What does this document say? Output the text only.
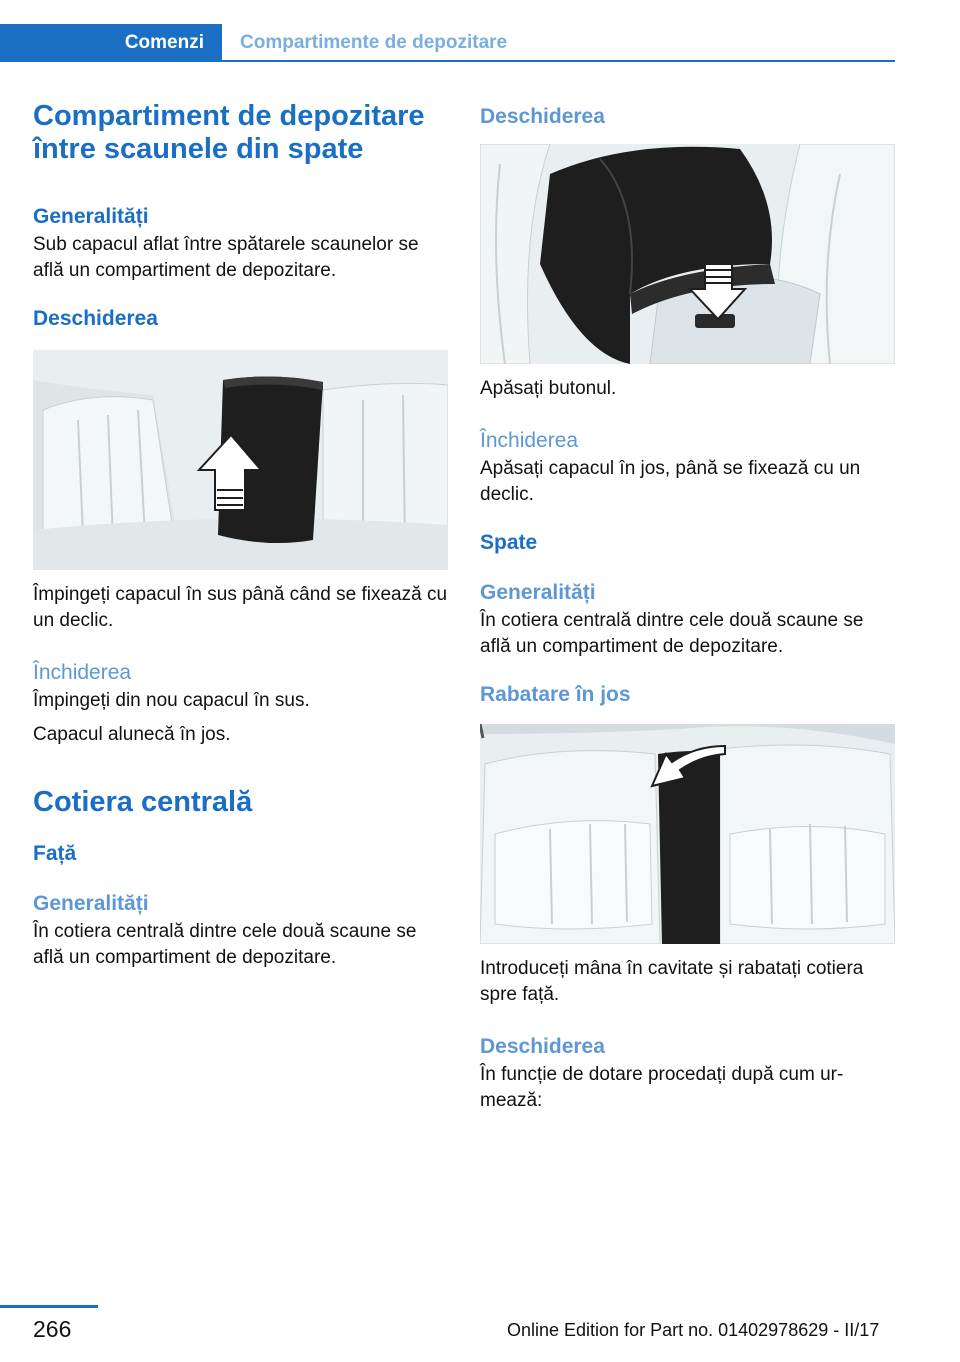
Comenzi	Compartimente de depozitare
Compartiment de depozitare între scaunele din spate
Generalități

Sub capacul aflat între spătarele scaunelor se află un compartiment de depozitare.

Deschiderea

Împingeți capacul în sus până când se fixează cu un declic.

Închiderea

Împingeți din nou capacul în sus.

Capacul alunecă în jos.

Cotiera centrală
Față
Generalități

În cotiera centrală dintre cele două scaune se află un compartiment de depozitare.

Deschiderea

Apăsați butonul.

Închiderea

Apăsați capacul în jos, până se fixează cu un declic.

Spate
Generalități

În cotiera centrală dintre cele două scaune se află un compartiment de depozitare.

Rabatare în jos

Introduceți mâna în cavitate și rabatați cotiera spre față.

Deschiderea

În funcție de dotare procedați după cum ur-mează:

266	Online Edition for Part no. 01402978629 - II/17
